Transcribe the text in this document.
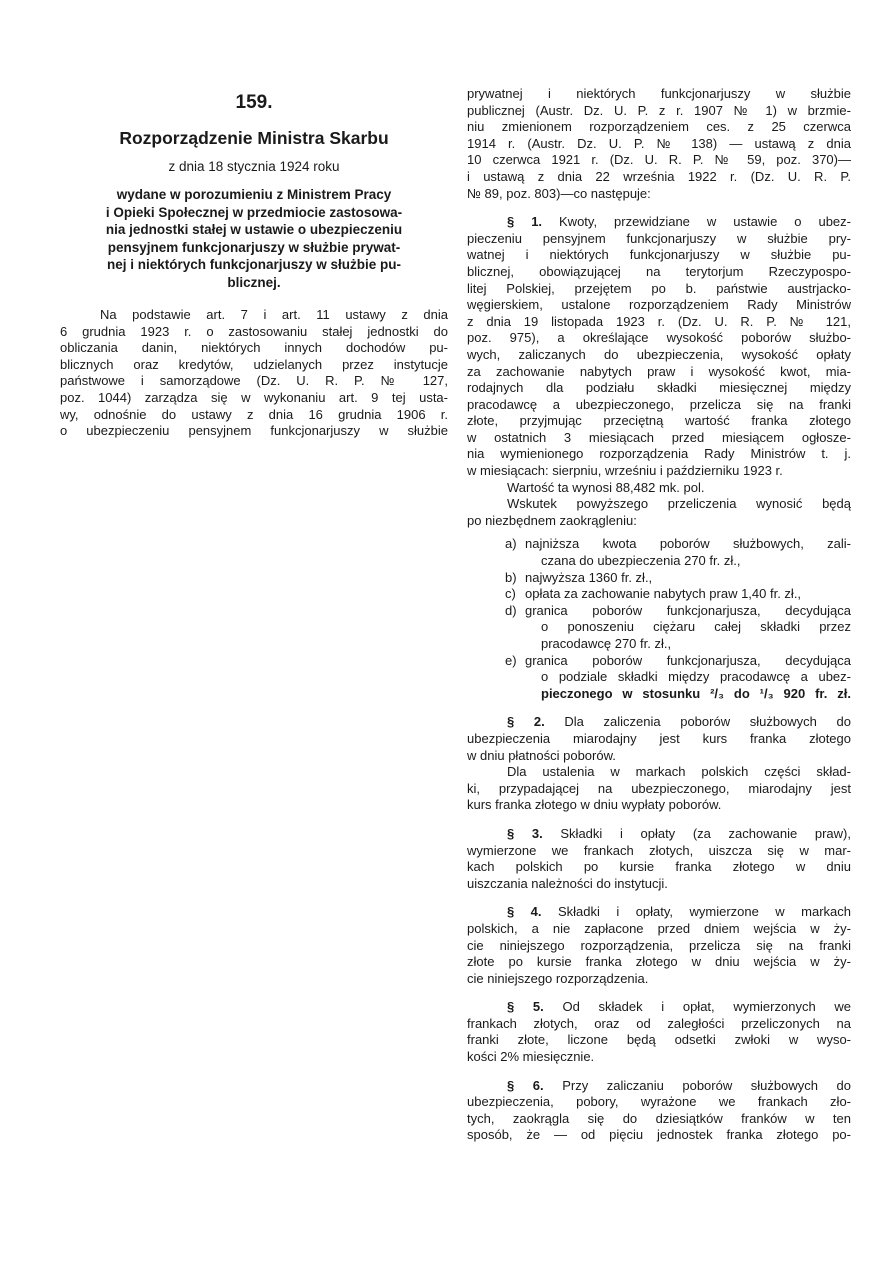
159.
Rozporządzenie Ministra Skarbu
z dnia 18 stycznia 1924 roku
wydane w porozumieniu z Ministrem Pracy
i Opieki Społecznej w przedmiocie zastosowa-
nia jednostki stałej w ustawie o ubezpieczeniu
pensyjnem funkcjonarjuszy w służbie prywat-
nej i niektórych funkcjonarjuszy w służbie pu-
blicznej.
Na podstawie art. 7 i art. 11 ustawy z dnia
6 grudnia 1923 r. o zastosowaniu stałej jednostki do
obliczania danin, niektórych innych dochodów pu-
blicznych oraz kredytów, udzielanych przez instytucje
państwowe i samorządowe (Dz. U. R. P. № 127,
poz. 1044) zarządza się w wykonaniu art. 9 tej usta-
wy, odnośnie do ustawy z dnia 16 grudnia 1906 r.
o ubezpieczeniu pensyjnem funkcjonarjuszy w służbie
prywatnej i niektórych funkcjonarjuszy w służbie
publicznej (Austr. Dz. U. P. z r. 1907 № 1) w brzmie-
niu zmienionem rozporządzeniem ces. z 25 czerwca
1914 r. (Austr. Dz. U. P. № 138) — ustawą z dnia
10 czerwca 1921 r. (Dz. U. R. P. № 59, poz. 370)—
i ustawą z dnia 22 września 1922 r. (Dz. U. R. P.
№ 89, poz. 803)—co następuje:
§ 1. Kwoty, przewidziane w ustawie o ubez-
pieczeniu pensyjnem funkcjonarjuszy w służbie pry-
watnej i niektórych funkcjonarjuszy w służbie pu-
blicznej, obowiązującej na terytorjum Rzeczypospo-
litej Polskiej, przejętem po b. państwie austrjacko-
węgierskiem, ustalone rozporządzeniem Rady Ministrów
z dnia 19 listopada 1923 r. (Dz. U. R. P. № 121,
poz. 975), a określające wysokość poborów służbo-
wych, zaliczanych do ubezpieczenia, wysokość opłaty
za zachowanie nabytych praw i wysokość kwot, mia-
rodajnych dla podziału składki miesięcznej między
pracodawcę a ubezpieczonego, przelicza się na franki
złote, przyjmując przeciętną wartość franka złotego
w ostatnich 3 miesiącach przed miesiącem ogłosze-
nia wymienionego rozporządzenia Rady Ministrów t. j.
w miesiącach: sierpniu, wrześniu i październiku 1923 r.
Wartość ta wynosi 88,482 mk. pol.
Wskutek powyższego przeliczenia wynosić będą
po niezbędnem zaokrągleniu:
a) najniższa kwota poborów służbowych, zali-
czana do ubezpieczenia 270 fr. zł.,
b) najwyższa 1360 fr. zł.,
c) opłata za zachowanie nabytych praw 1,40 fr. zł.,
d) granica poborów funkcjonarjusza, decydująca
o ponoszeniu ciężaru całej składki przez
pracodawcę 270 fr. zł.,
e) granica poborów funkcjonarjusza, decydująca
o podziale składki między pracodawcę a ubez-
pieczonego w stosunku ²/₃ do ¹/₃ 920 fr. zł.
§ 2. Dla zaliczenia poborów służbowych do
ubezpieczenia miarodajny jest kurs franka złotego
w dniu płatności poborów.
Dla ustalenia w markach polskich części skład-
ki, przypadającej na ubezpieczonego, miarodajny jest
kurs franka złotego w dniu wypłaty poborów.
§ 3. Składki i opłaty (za zachowanie praw),
wymierzone we frankach złotych, uiszcza się w mar-
kach polskich po kursie franka złotego w dniu
uiszczania należności do instytucji.
§ 4. Składki i opłaty, wymierzone w markach
polskich, a nie zapłacone przed dniem wejścia w ży-
cie niniejszego rozporządzenia, przelicza się na franki
złote po kursie franka złotego w dniu wejścia w ży-
cie niniejszego rozporządzenia.
§ 5. Od składek i opłat, wymierzonych we
frankach złotych, oraz od zaległości przeliczonych na
franki złote, liczone będą odsetki zwłoki w wyso-
kości 2% miesięcznie.
§ 6. Przy zaliczaniu poborów służbowych do
ubezpieczenia, pobory, wyrażone we frankach zło-
tych, zaokrągla się do dziesiątków franków w ten
sposób, że — od pięciu jednostek franka złotego po-
